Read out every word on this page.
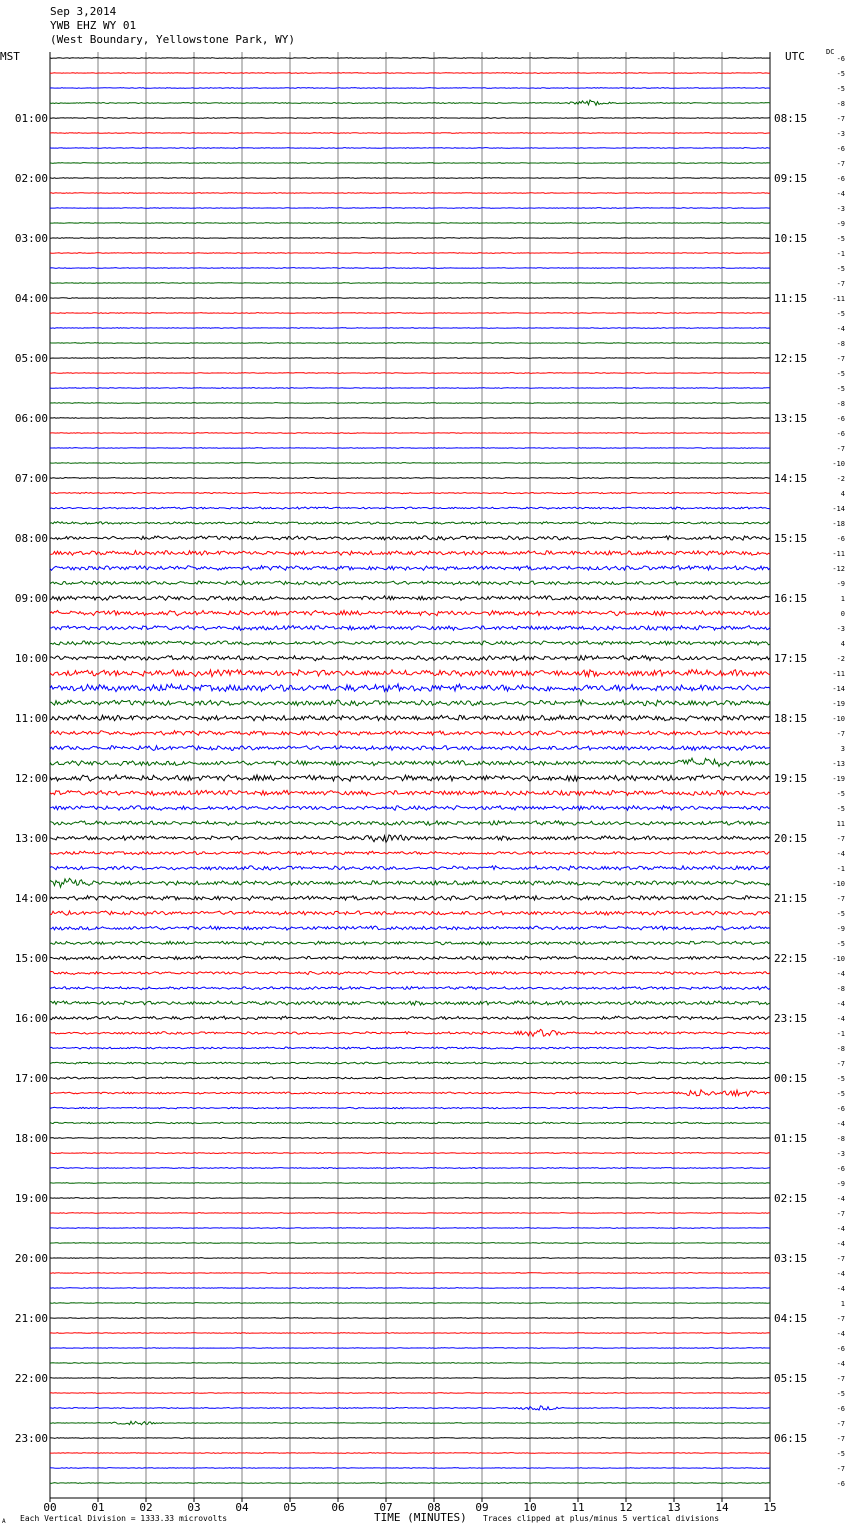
Sep 3,2014
YWB EHZ WY 01
(West Boundary, Yellowstone Park, WY)
MST	UTC	DC
00	01	02	03	04	05	06	07	08	09	10	11	12	13	14	15
-6
-5
-5
-8
-7
01:00	08:15
-3
-6
-7
-6
02:00	09:15
-4
-3
-9
-5
03:00	10:15
-1
-5
-7
-11
04:00	11:15
-5
-4
-8
-7
05:00	12:15
-5
-5
-8
-6
06:00	13:15
-6
-7
-10
-2
07:00	14:15
4
-14
-18
-6
08:00	15:15
-11
-12
-9
1
09:00	16:15
0
-3
4
-2
10:00	17:15
-11
-14
-19
-10
11:00	18:15
-7
3
-13
-19
12:00	19:15
-5
-5
11
-7
13:00	20:15
-4
-1
-10
-7
14:00	21:15
-5
-9
-5
-10
15:00	22:15
-4
-8
-4
-4
16:00	23:15
-1
-8
-7
-5
17:00	00:15
-5
-6
-4
-8
18:00	01:15
-3
-6
-9
-4
19:00	02:15
-7
-4
-4
-7
20:00	03:15
-4
-4
1
-7
21:00	04:15
-4
-6
-4
-7
22:00	05:15
-5
-6
-7
-7
23:00	06:15
-5
-7
-6
A Each Vertical Division = 1333.33 microvolts	TIME (MINUTES) Traces clipped at plus/minus 5 vertical divisions
